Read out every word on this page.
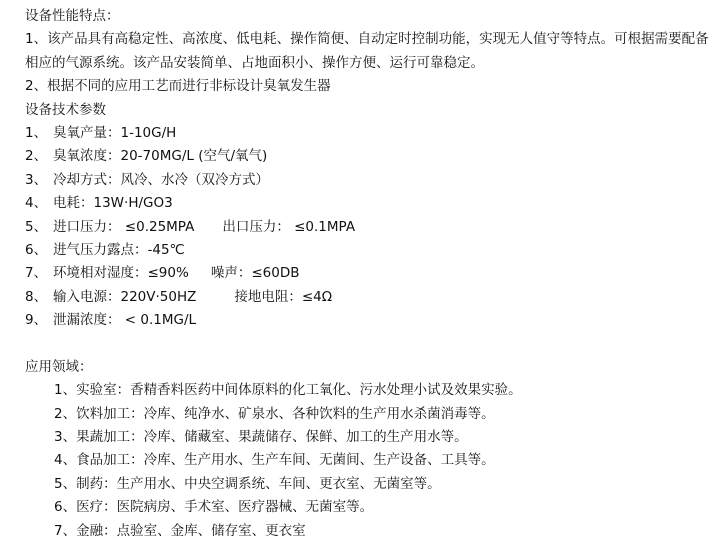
设备性能特点：
1、该产品具有高稳定性、高浓度、低电耗、操作简便、自动定时控制功能，实现无人值守等特点。可根据需要配备相应的气源系统。该产品安装简单、占地面积小、操作方便、运行可靠稳定。
2、根据不同的应用工艺而进行非标设计臭氧发生器
设备技术参数
1、 臭氧产量：1-10G/H
2、 臭氧浓度：20-70MG/L (空气/氧气)
3、 冷却方式：风冷、水冷（双冷方式）
4、 电耗：13W·H/GO3
5、 进口压力： ≤0.25MPA 出口压力： ≤0.1MPA
6、 进气压力露点：-45℃
7、 环境相对湿度：≤90% 噪声：≤60DB
8、 输入电源：220V·50HZ	接地电阻：≤4Ω
9、 泄漏浓度： < 0.1MG/L
应用领域：
1、实验室：香精香料医药中间体原料的化工氧化、污水处理小试及效果实验。
2、饮料加工：冷库、纯净水、矿泉水、各种饮料的生产用水杀菌消毒等。
3、果蔬加工：冷库、储藏室、果蔬储存、保鲜、加工的生产用水等。
4、食品加工：冷库、生产用水、生产车间、无菌间、生产设备、工具等。
5、制药：生产用水、中央空调系统、车间、更衣室、无菌室等。
6、医疗：医院病房、手术室、医疗器械、无菌室等。
7、金融：点验室、金库、储存室、更衣室
